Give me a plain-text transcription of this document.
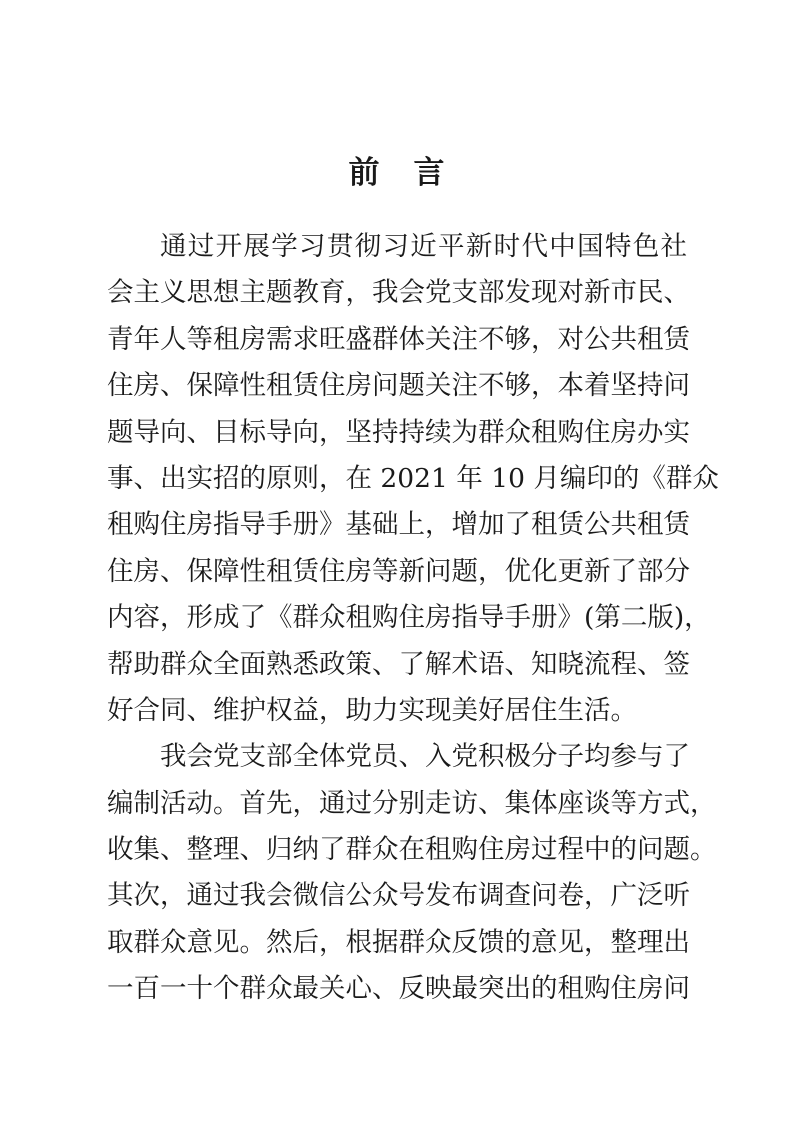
前 言
通过开展学习贯彻习近平新时代中国特色社
会主义思想主题教育，我会党支部发现对新市民、
青年人等租房需求旺盛群体关注不够，对公共租赁
住房、保障性租赁住房问题关注不够，本着坚持问
题导向、目标导向，坚持持续为群众租购住房办实
事、出实招的原则，在 2021 年 10 月编印的《群众
租购住房指导手册》基础上，增加了租赁公共租赁
住房、保障性租赁住房等新问题，优化更新了部分
内容，形成了《群众租购住房指导手册》(第二版)，
帮助群众全面熟悉政策、了解术语、知晓流程、签
好合同、维护权益，助力实现美好居住生活。
我会党支部全体党员、入党积极分子均参与了
编制活动。首先，通过分别走访、集体座谈等方式，
收集、整理、归纳了群众在租购住房过程中的问题。
其次，通过我会微信公众号发布调查问卷，广泛听
取群众意见。然后，根据群众反馈的意见，整理出
一百一十个群众最关心、反映最突出的租购住房问
